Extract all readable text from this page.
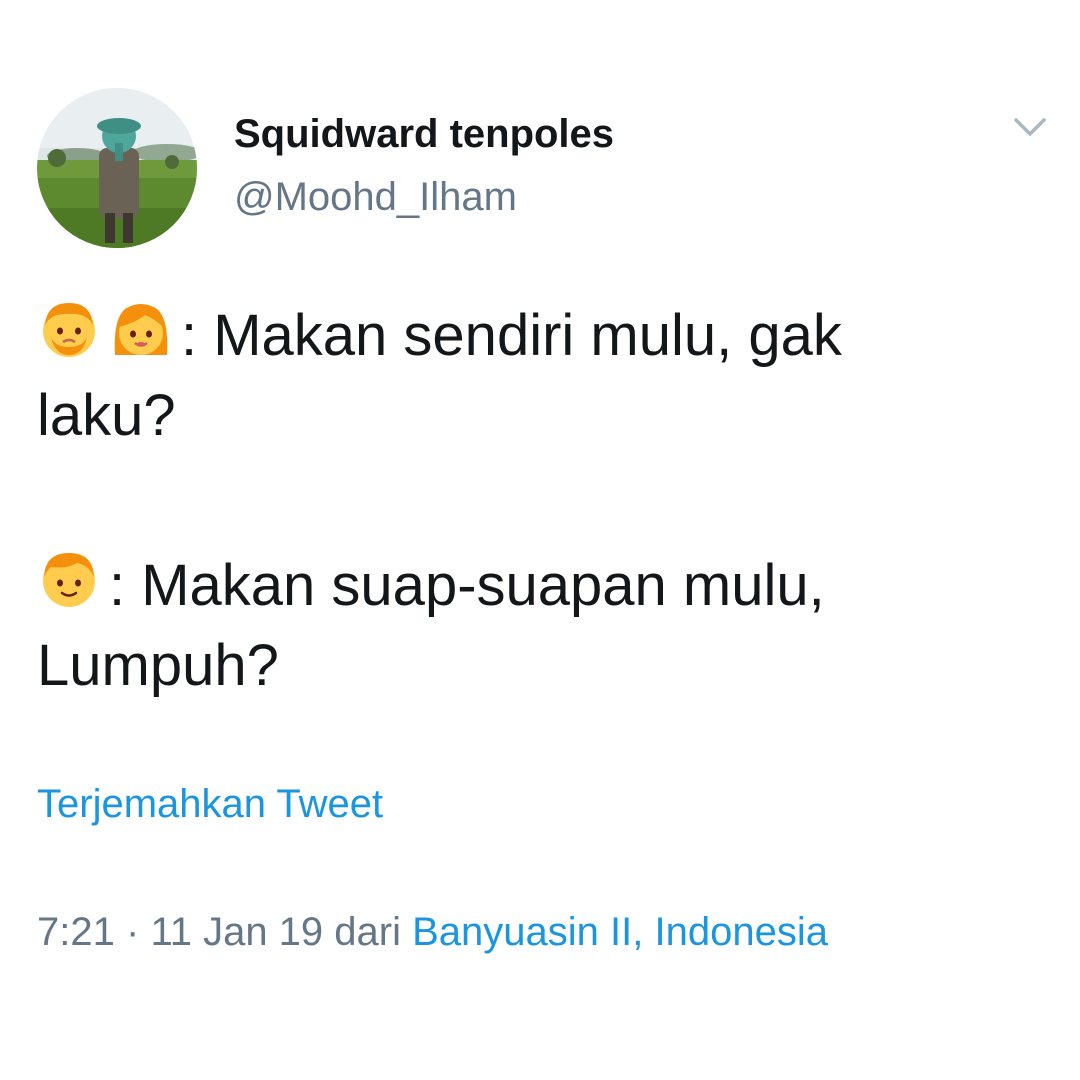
Squidward tenpoles
@Moohd_Ilham
: Makan sendiri mulu, gak
laku?
: Makan suap-suapan mulu,
Lumpuh?
Terjemahkan Tweet
7:21 · 11 Jan 19 dari Banyuasin II, Indonesia
